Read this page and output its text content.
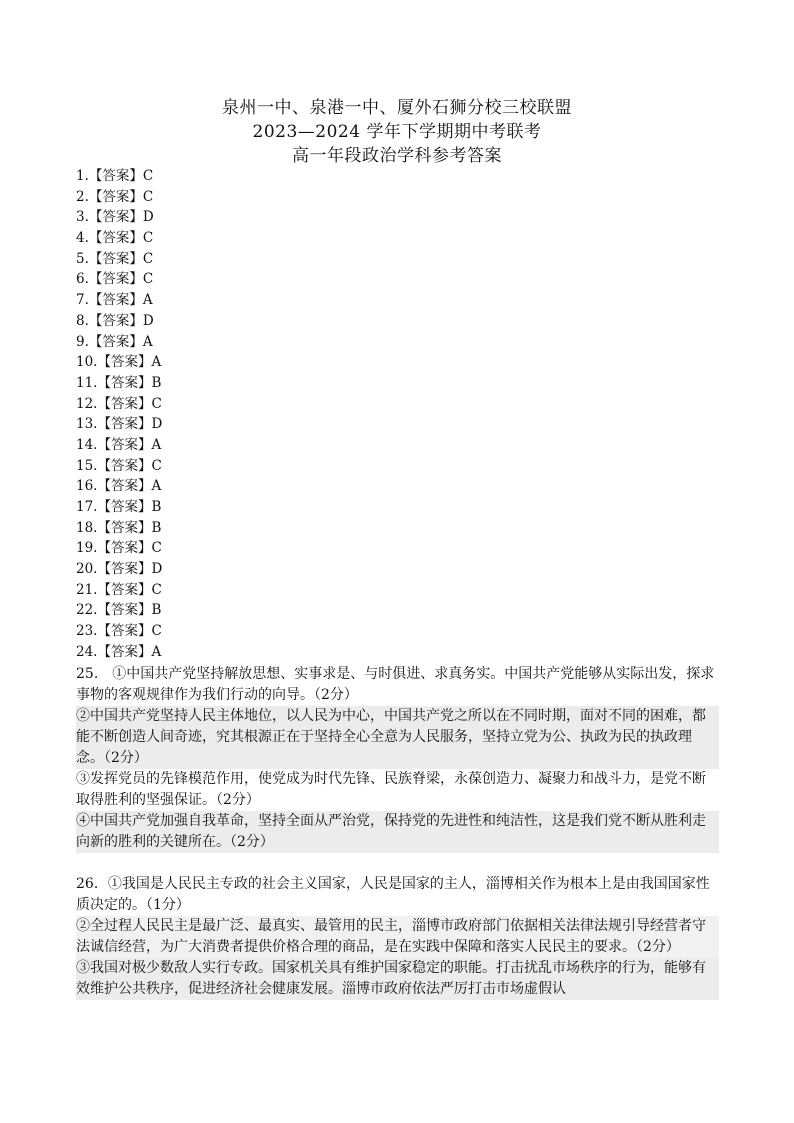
泉州一中、泉港一中、厦外石狮分校三校联盟
2023—2024 学年下学期期中考联考
高一年段政治学科参考答案
1.【答案】C
2.【答案】C
3.【答案】D
4.【答案】C
5.【答案】C
6.【答案】C
7.【答案】A
8.【答案】D
9.【答案】A
10.【答案】A
11.【答案】B
12.【答案】C
13.【答案】D
14.【答案】A
15.【答案】C
16.【答案】A
17.【答案】B
18.【答案】B
19.【答案】C
20.【答案】D
21.【答案】C
22.【答案】B
23.【答案】C
24.【答案】A

25.　①中国共产党坚持解放思想、实事求是、与时俱进、求真务实。中国共产党能够从实际出发，探求事物的客观规律作为我们行动的向导。（2分）

②中国共产党坚持人民主体地位，以人民为中心，中国共产党之所以在不同时期，面对不同的困难，都能不断创造人间奇迹，究其根源正在于坚持全心全意为人民服务，坚持立党为公、执政为民的执政理念。（2分）

③发挥党员的先锋模范作用，使党成为时代先锋、民族脊梁，永葆创造力、凝聚力和战斗力，是党不断取得胜利的坚强保证。（2分）

④中国共产党加强自我革命，坚持全面从严治党，保持党的先进性和纯洁性，这是我们党不断从胜利走向新的胜利的关键所在。（2分）

26．①我国是人民民主专政的社会主义国家，人民是国家的主人，淄博相关作为根本上是由我国国家性质决定的。（1分）

②全过程人民民主是最广泛、最真实、最管用的民主，淄博市政府部门依据相关法律法规引导经营者守法诚信经营，为广大消费者提供价格合理的商品，是在实践中保障和落实人民民主的要求。（2分）

③我国对极少数敌人实行专政。国家机关具有维护国家稳定的职能。打击扰乱市场秩序的行为，能够有效维护公共秩序，促进经济社会健康发展。淄博市政府依法严厉打击市场虚假认
